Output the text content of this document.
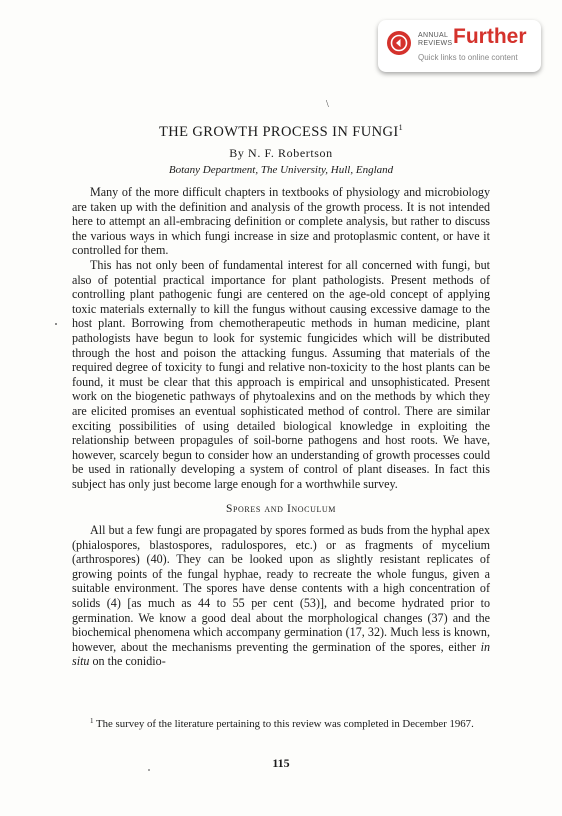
ANNUAL
REVIEWS Further
Quick links to online content
\
THE GROWTH PROCESS IN FUNGI$^1$
By N. F. Robertson
Botany Department, The University, Hull, England

Many of the more difficult chapters in textbooks of physiology and microbiology are taken up with the definition and analysis of the growth process. It is not intended here to attempt an all-embracing definition or complete analysis, but rather to discuss the various ways in which fungi increase in size and protoplasmic content, or have it controlled for them.

This has not only been of fundamental interest for all concerned with fungi, but also of potential practical importance for plant pathologists. Present methods of controlling plant pathogenic fungi are centered on the age-old concept of applying toxic materials externally to kill the fungus without causing excessive damage to the host plant. Borrowing from chemotherapeutic methods in human medicine, plant pathologists have begun to look for systemic fungicides which will be distributed through the host and poison the attacking fungus. Assuming that materials of the required degree of toxicity to fungi and relative non-toxicity to the host plants can be found, it must be clear that this approach is empirical and unsophisticated. Present work on the biogenetic pathways of phytoalexins and on the methods by which they are elicited promises an eventual sophisticated method of control. There are similar exciting possibilities of using detailed biological knowledge in exploiting the relationship between propagules of soil-borne pathogens and host roots. We have, however, scarcely begun to consider how an understanding of growth processes could be used in rationally developing a system of control of plant diseases. In fact this subject has only just become large enough for a worthwhile survey.

Spores and Inoculum

All but a few fungi are propagated by spores formed as buds from the hyphal apex (phialospores, blastospores, radulospores, etc.) or as fragments of mycelium (arthrospores) (40). They can be looked upon as slightly resistant replicates of growing points of the fungal hyphae, ready to recreate the whole fungus, given a suitable environment. The spores have dense contents with a high concentration of solids (4) [as much as 44 to 55 per cent (53)], and become hydrated prior to germination. We know a good deal about the morphological changes (37) and the biochemical phenomena which accompany germination (17, 32). Much less is known, however, about the mechanisms preventing the germination of the spores, either in situ on the conidio-

$^1$ The survey of the literature pertaining to this review was completed in December 1967.

115
